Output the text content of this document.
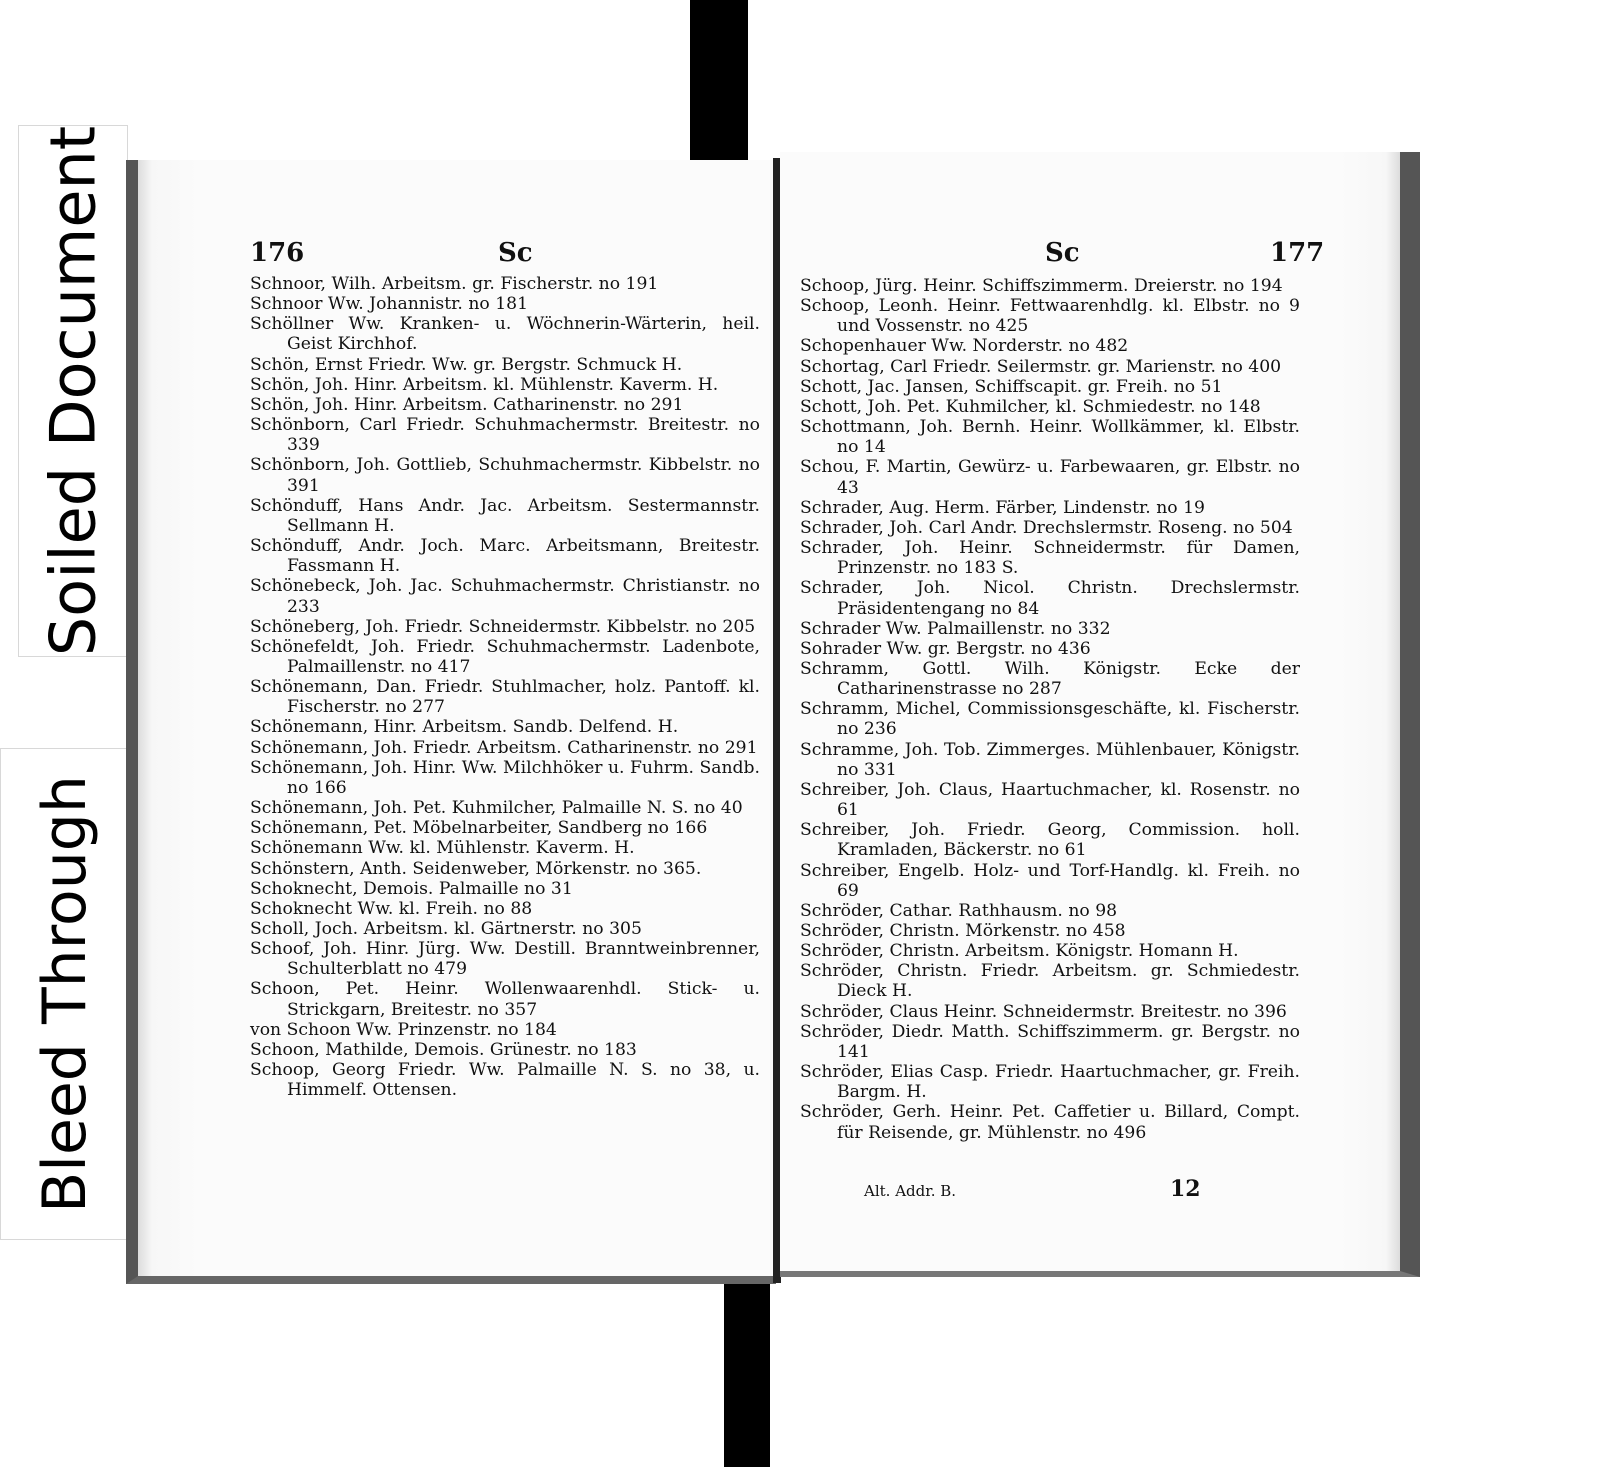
Soiled Document
Bleed Through
176	Sc
Schnoor, Wilh. Arbeitsm. gr. Fischerstr. no 191
Schnoor Ww. Johannistr. no 181
Schöllner Ww. Kranken- u. Wöchnerin-Wärterin, heil. Geist Kirchhof.
Schön, Ernst Friedr. Ww. gr. Bergstr. Schmuck H.
Schön, Joh. Hinr. Arbeitsm. kl. Mühlenstr. Kaverm. H.
Schön, Joh. Hinr. Arbeitsm. Catharinenstr. no 291
Schönborn, Carl Friedr. Schuhmachermstr. Breitestr. no 339
Schönborn, Joh. Gottlieb, Schuhmachermstr. Kibbelstr. no 391
Schönduff, Hans Andr. Jac. Arbeitsm. Sestermannstr. Sellmann H.
Schönduff, Andr. Joch. Marc. Arbeitsmann, Breitestr. Fassmann H.
Schönebeck, Joh. Jac. Schuhmachermstr. Christianstr. no 233
Schöneberg, Joh. Friedr. Schneidermstr. Kibbelstr. no 205
Schönefeldt, Joh. Friedr. Schuhmachermstr. Ladenbote, Palmaillenstr. no 417
Schönemann, Dan. Friedr. Stuhlmacher, holz. Pantoff. kl. Fischerstr. no 277
Schönemann, Hinr. Arbeitsm. Sandb. Delfend. H.
Schönemann, Joh. Friedr. Arbeitsm. Catharinenstr. no 291
Schönemann, Joh. Hinr. Ww. Milchhöker u. Fuhrm. Sandb. no 166
Schönemann, Joh. Pet. Kuhmilcher, Palmaille N. S. no 40
Schönemann, Pet. Möbelnarbeiter, Sandberg no 166
Schönemann Ww. kl. Mühlenstr. Kaverm. H.
Schönstern, Anth. Seidenweber, Mörkenstr. no 365.
Schoknecht, Demois. Palmaille no 31
Schoknecht Ww. kl. Freih. no 88
Scholl, Joch. Arbeitsm. kl. Gärtnerstr. no 305
Schoof, Joh. Hinr. Jürg. Ww. Destill. Branntweinbrenner, Schulterblatt no 479
Schoon, Pet. Heinr. Wollenwaarenhdl. Stick- u. Strickgarn, Breitestr. no 357
von Schoon Ww. Prinzenstr. no 184
Schoon, Mathilde, Demois. Grünestr. no 183
Schoop, Georg Friedr. Ww. Palmaille N. S. no 38, u. Himmelf. Ottensen.
Sc	177
Schoop, Jürg. Heinr. Schiffszimmerm. Dreierstr. no 194
Schoop, Leonh. Heinr. Fettwaarenhdlg. kl. Elbstr. no 9 und Vossenstr. no 425
Schopenhauer Ww. Norderstr. no 482
Schortag, Carl Friedr. Seilermstr. gr. Marienstr. no 400
Schott, Jac. Jansen, Schiffscapit. gr. Freih. no 51
Schott, Joh. Pet. Kuhmilcher, kl. Schmiedestr. no 148
Schottmann, Joh. Bernh. Heinr. Wollkämmer, kl. Elbstr. no 14
Schou, F. Martin, Gewürz- u. Farbewaaren, gr. Elbstr. no 43
Schrader, Aug. Herm. Färber, Lindenstr. no 19
Schrader, Joh. Carl Andr. Drechslermstr. Roseng. no 504
Schrader, Joh. Heinr. Schneidermstr. für Damen, Prinzenstr. no 183 S.
Schrader, Joh. Nicol. Christn. Drechslermstr. Präsidentengang no 84
Schrader Ww. Palmaillenstr. no 332
Sohrader Ww. gr. Bergstr. no 436
Schramm, Gottl. Wilh. Königstr. Ecke der Catharinenstrasse no 287
Schramm, Michel, Commissionsgeschäfte, kl. Fischerstr. no 236
Schramme, Joh. Tob. Zimmerges. Mühlenbauer, Königstr. no 331
Schreiber, Joh. Claus, Haartuchmacher, kl. Rosenstr. no 61
Schreiber, Joh. Friedr. Georg, Commission. holl. Kramladen, Bäckerstr. no 61
Schreiber, Engelb. Holz- und Torf-Handlg. kl. Freih. no 69
Schröder, Cathar. Rathhausm. no 98
Schröder, Christn. Mörkenstr. no 458
Schröder, Christn. Arbeitsm. Königstr. Homann H.
Schröder, Christn. Friedr. Arbeitsm. gr. Schmiedestr. Dieck H.
Schröder, Claus Heinr. Schneidermstr. Breitestr. no 396
Schröder, Diedr. Matth. Schiffszimmerm. gr. Bergstr. no 141
Schröder, Elias Casp. Friedr. Haartuchmacher, gr. Freih. Bargm. H.
Schröder, Gerh. Heinr. Pet. Caffetier u. Billard, Compt. für Reisende, gr. Mühlenstr. no 496
Alt. Addr. B.	12
